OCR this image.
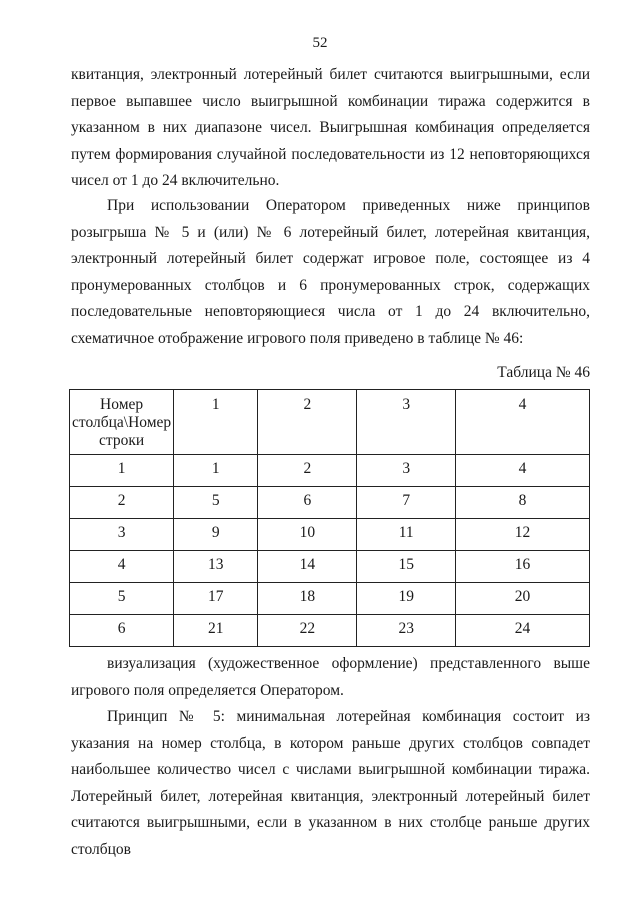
52

квитанция, электронный лотерейный билет считаются выигрышными, если первое выпавшее число выигрышной комбинации тиража содержится в указанном в них диапазоне чисел. Выигрышная комбинация определяется путем формирования случайной последовательности из 12 неповторяющихся чисел от 1 до 24 включительно.

При использовании Оператором приведенных ниже принципов розыгрыша № 5 и (или) № 6 лотерейный билет, лотерейная квитанция, электронный лотерейный билет содержат игровое поле, состоящее из 4 пронумерованных столбцов и 6 пронумерованных строк, содержащих последовательные неповторяющиеся числа от 1 до 24 включительно, схематичное отображение игрового поля приведено в таблице № 46:

Таблица № 46
Номер столбца\Номер строки	1	2	3	4
1	1	2	3	4
2	5	6	7	8
3	9	10	11	12
4	13	14	15	16
5	17	18	19	20
6	21	22	23	24

визуализация (художественное оформление) представленного выше игрового поля определяется Оператором.

Принцип № 5: минимальная лотерейная комбинация состоит из указания на номер столбца, в котором раньше других столбцов совпадет наибольшее количество чисел с числами выигрышной комбинации тиража. Лотерейный билет, лотерейная квитанция, электронный лотерейный билет считаются выигрышными, если в указанном в них столбце раньше других столбцов
